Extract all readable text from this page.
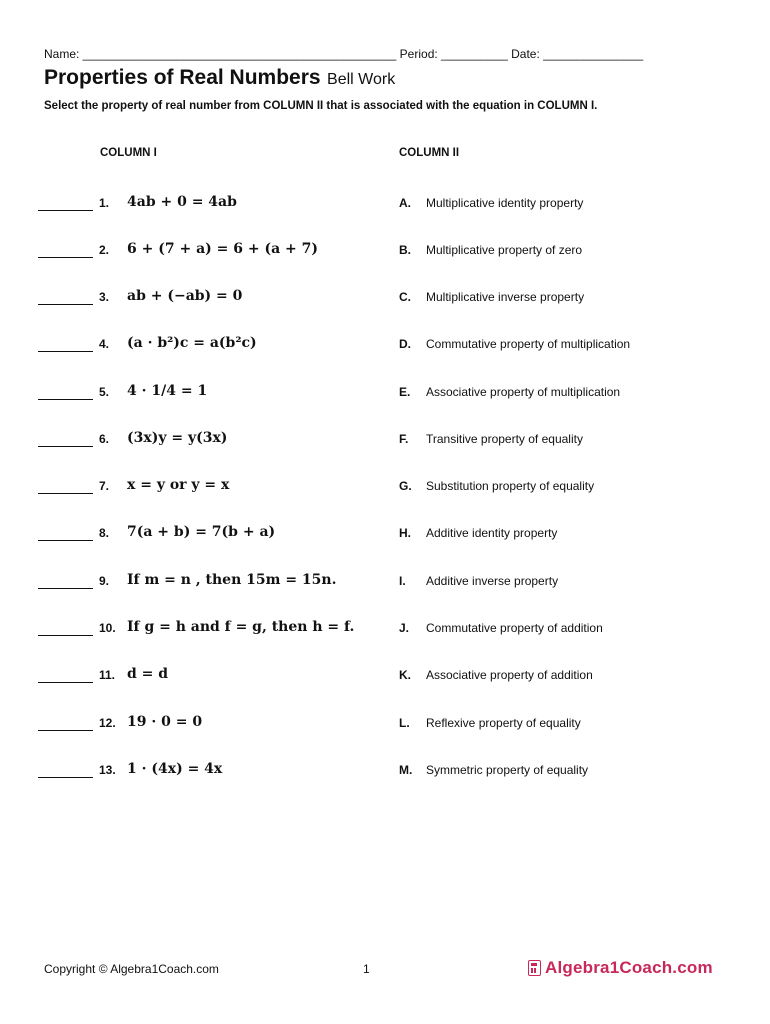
Name: _______________________________________________ Period: __________ Date: _______________
Properties of Real Numbers Bell Work
Select the property of real number from COLUMN II that is associated with the equation in COLUMN I.
COLUMN I	COLUMN II
1. 4ab + 0 = 4ab	A. Multiplicative identity property
2. 6 + (7 + a) = 6 + (a + 7)	B. Multiplicative property of zero
3. ab + (−ab) = 0	C. Multiplicative inverse property
4. (a · b²)c = a(b²c)	D. Commutative property of multiplication
5. 4 · 1/4 = 1	E. Associative property of multiplication
6. (3x)y = y(3x)	F. Transitive property of equality
7. x = y or y = x	G. Substitution property of equality
8. 7(a + b) = 7(b + a)	H. Additive identity property
9. If m = n , then 15m = 15n.	I. Additive inverse property
10. If g = h and f = g, then h = f.	J. Commutative property of addition
11. d = d	K. Associative property of addition
12. 19 · 0 = 0	L. Reflexive property of equality
13. 1 · (4x) = 4x	M. Symmetric property of equality
Copyright © Algebra1Coach.com	1	Algebra1Coach.com
